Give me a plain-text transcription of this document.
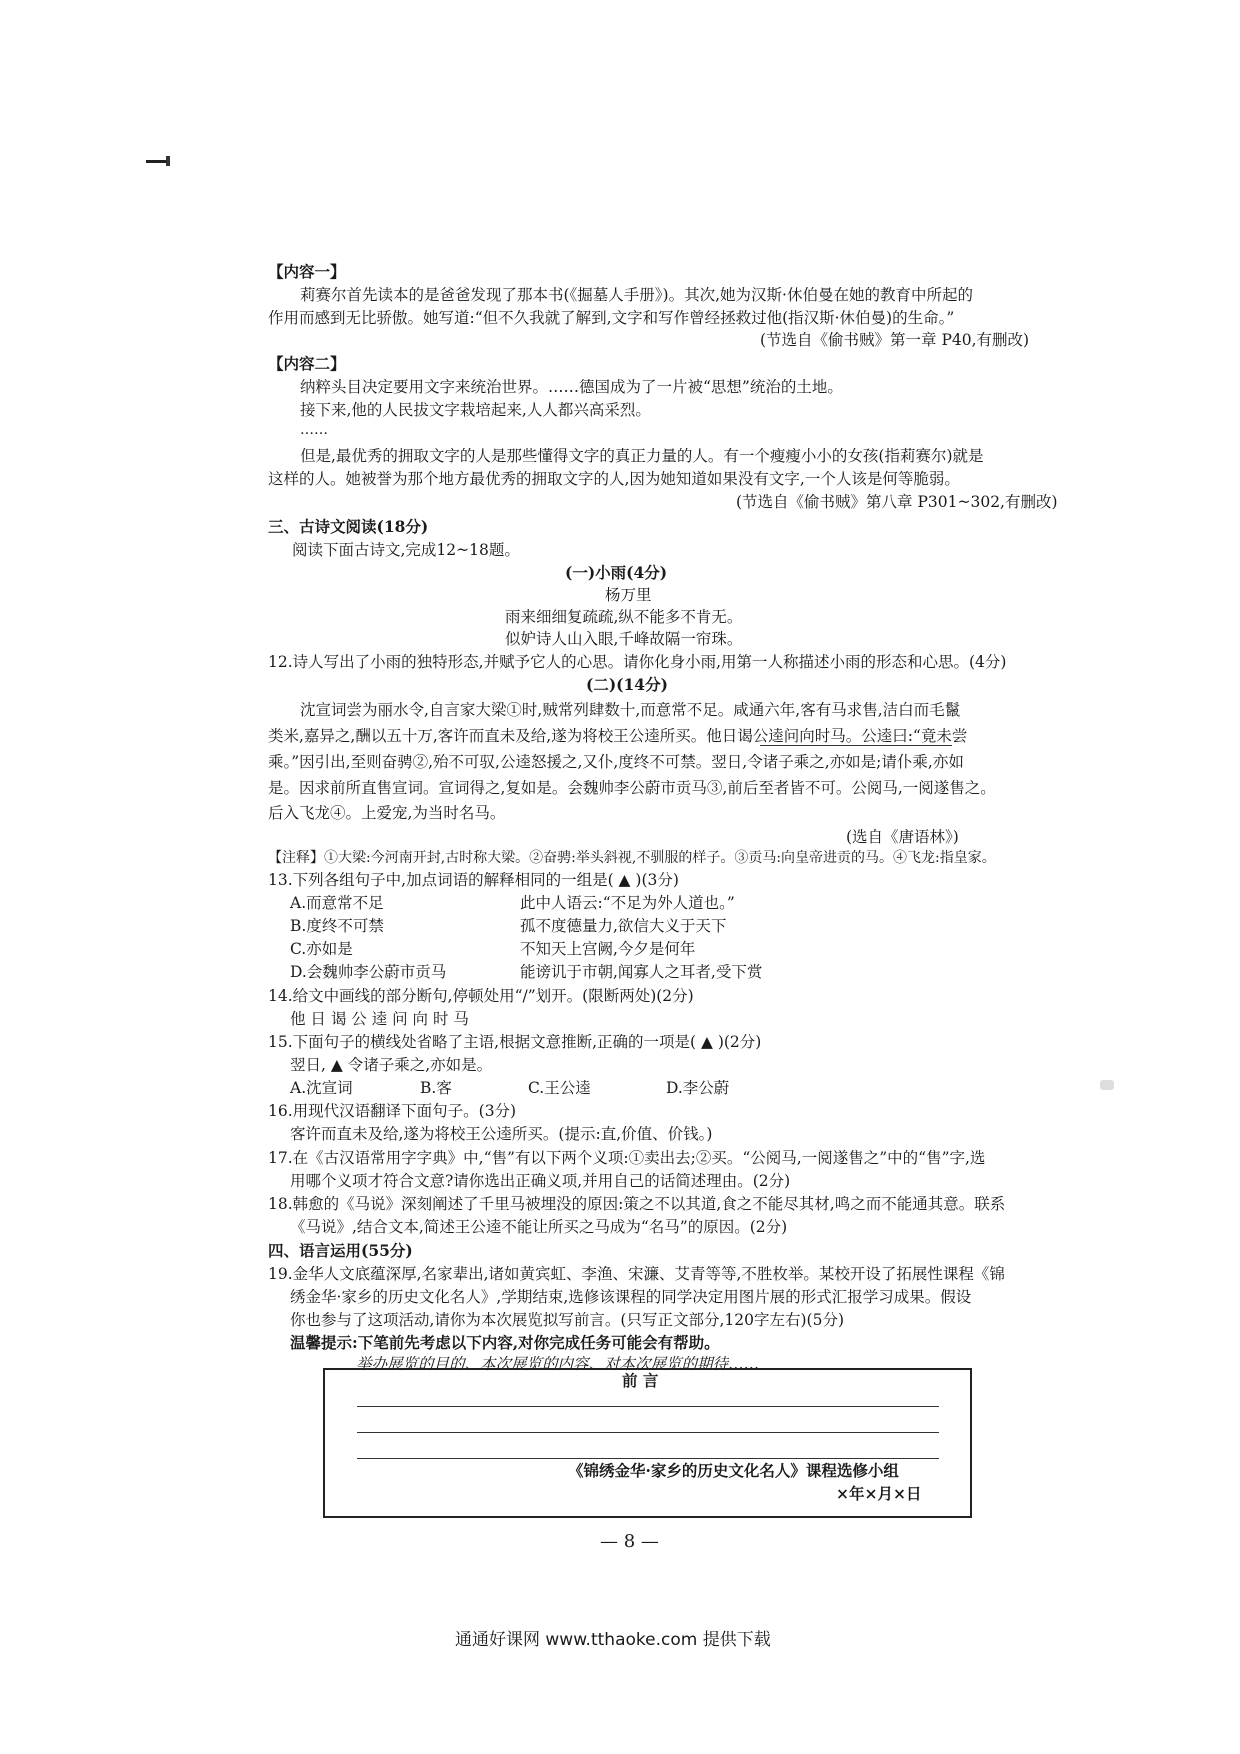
【内容一】
莉赛尔首先读本的是爸爸发现了那本书(《掘墓人手册》)。其次,她为汉斯·休伯曼在她的教育中所起的
作用而感到无比骄傲。她写道:“但不久我就了解到,文字和写作曾经拯救过他(指汉斯·休伯曼)的生命。”
(节选自《偷书贼》第一章 P40,有删改)
【内容二】
纳粹头目决定要用文字来统治世界。……德国成为了一片被“思想”统治的土地。
接下来,他的人民拔文字栽培起来,人人都兴高采烈。
……
但是,最优秀的拥取文字的人是那些懂得文字的真正力量的人。有一个瘦瘦小小的女孩(指莉赛尔)就是
这样的人。她被誉为那个地方最优秀的拥取文字的人,因为她知道如果没有文字,一个人该是何等脆弱。
(节选自《偷书贼》第八章 P301~302,有删改)
三、古诗文阅读(18分)
阅读下面古诗文,完成12~18题。
(一)小雨(4分)
杨万里
雨来细细复疏疏,纵不能多不肯无。
似妒诗人山入眼,千峰故隔一帘珠。
12.诗人写出了小雨的独特形态,并赋予它人的心思。请你化身小雨,用第一人称描述小雨的形态和心思。(4分)
(二)(14分)
沈宣词尝为丽水令,自言家大梁①时,贼常列肆数十,而意常不足。咸通六年,客有马求售,洁白而毛鬣
类米,嘉异之,酬以五十万,客许而直未及给,遂为将校王公逵所买。他日谒公逵问向时马。公逵曰:“竟未尝
乘。”因引出,至则奋骋②,殆不可驭,公逵怒援之,又仆,度终不可禁。翌日,令诸子乘之,亦如是;请仆乘,亦如
是。因求前所直售宣词。宣词得之,复如是。会魏帅李公蔚市贡马③,前后至者皆不可。公阅马,一阅遂售之。
后入飞龙④。上爱宠,为当时名马。
(选自《唐语林》)
【注释】①大梁:今河南开封,古时称大梁。②奋骋:举头斜视,不驯服的样子。③贡马:向皇帝进贡的马。④飞龙:指皇家。
13.下列各组句子中,加点词语的解释相同的一组是( ▲ )(3分)
A.而意常不足	此中人语云:“不足为外人道也。”
B.度终不可禁	孤不度德量力,欲信大义于天下
C.亦如是	不知天上宫阙,今夕是何年
D.会魏帅李公蔚市贡马	能谤讥于市朝,闻寡人之耳者,受下赏
14.给文中画线的部分断句,停顿处用“/”划开。(限断两处)(2分)
他 日 谒 公 逵 问 向 时 马
15.下面句子的横线处省略了主语,根据文意推断,正确的一项是( ▲ )(2分)
翌日, ▲ 令诸子乘之,亦如是。
A.沈宣词	B.客	C.王公逵	D.李公蔚
16.用现代汉语翻译下面句子。(3分)
客许而直未及给,遂为将校王公逵所买。(提示:直,价值、价钱。)
17.在《古汉语常用字字典》中,“售”有以下两个义项:①卖出去;②买。“公阅马,一阅遂售之”中的“售”字,选
用哪个义项才符合文意?请你选出正确义项,并用自己的话简述理由。(2分)
18.韩愈的《马说》深刻阐述了千里马被埋没的原因:策之不以其道,食之不能尽其材,鸣之而不能通其意。联系
《马说》,结合文本,简述王公逵不能让所买之马成为“名马”的原因。(2分)
四、语言运用(55分)
19.金华人文底蕴深厚,名家辈出,诸如黄宾虹、李渔、宋濂、艾青等等,不胜枚举。某校开设了拓展性课程《锦
绣金华·家乡的历史文化名人》,学期结束,选修该课程的同学决定用图片展的形式汇报学习成果。假设
你也参与了这项活动,请你为本次展览拟写前言。(只写正文部分,120字左右)(5分)
温馨提示:下笔前先考虑以下内容,对你完成任务可能会有帮助。
举办展览的目的、本次展览的内容、对本次展览的期待……
前 言
《锦绣金华·家乡的历史文化名人》课程选修小组
×年×月×日
— 8 —
通通好课网 www.tthaoke.com 提供下载
